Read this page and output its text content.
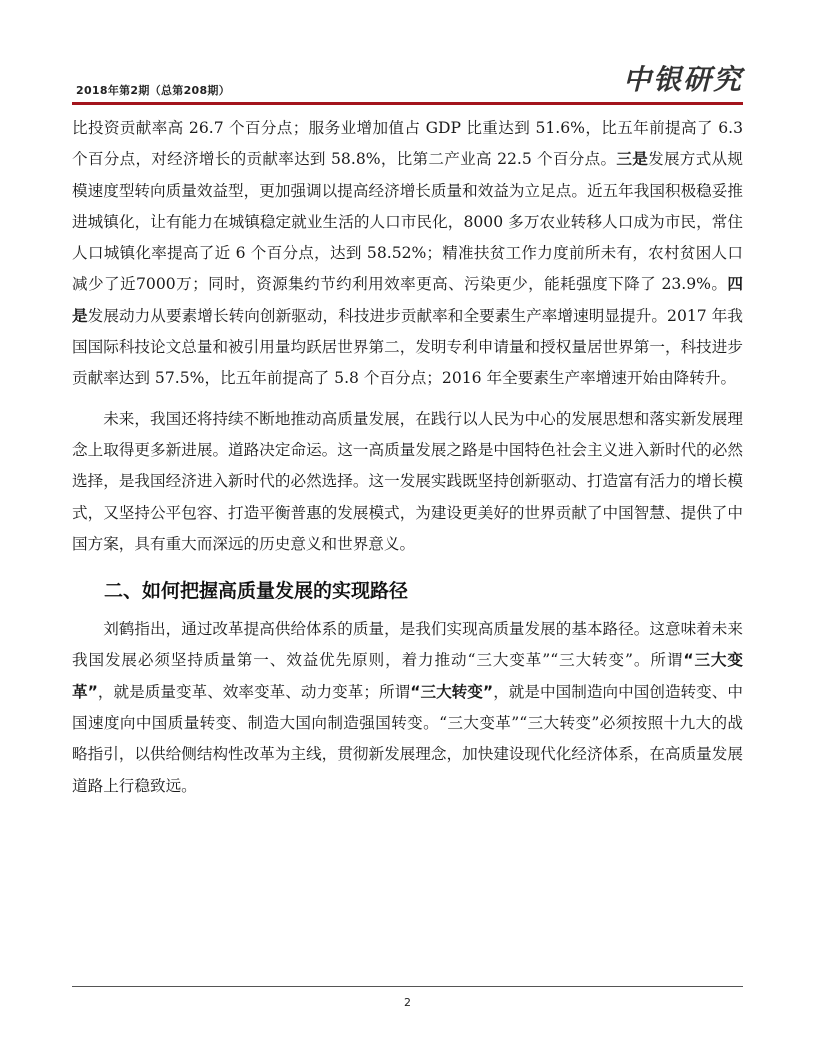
2018年第2期（总第208期）	中银研究

比投资贡献率高 26.7 个百分点；服务业增加值占 GDP 比重达到 51.6%，比五年前提高了 6.3 个百分点，对经济增长的贡献率达到 58.8%，比第二产业高 22.5 个百分点。三是发展方式从规模速度型转向质量效益型，更加强调以提高经济增长质量和效益为立足点。近五年我国积极稳妥推进城镇化，让有能力在城镇稳定就业生活的人口市民化，8000 多万农业转移人口成为市民，常住人口城镇化率提高了近 6 个百分点，达到 58.52%；精准扶贫工作力度前所未有，农村贫困人口减少了近7000万；同时，资源集约节约利用效率更高、污染更少，能耗强度下降了 23.9%。四是发展动力从要素增长转向创新驱动，科技进步贡献率和全要素生产率增速明显提升。2017 年我国国际科技论文总量和被引用量均跃居世界第二，发明专利申请量和授权量居世界第一，科技进步贡献率达到 57.5%，比五年前提高了 5.8 个百分点；2016 年全要素生产率增速开始由降转升。

未来，我国还将持续不断地推动高质量发展，在践行以人民为中心的发展思想和落实新发展理念上取得更多新进展。道路决定命运。这一高质量发展之路是中国特色社会主义进入新时代的必然选择，是我国经济进入新时代的必然选择。这一发展实践既坚持创新驱动、打造富有活力的增长模式，又坚持公平包容、打造平衡普惠的发展模式，为建设更美好的世界贡献了中国智慧、提供了中国方案，具有重大而深远的历史意义和世界意义。

二、如何把握高质量发展的实现路径

刘鹤指出，通过改革提高供给体系的质量，是我们实现高质量发展的基本路径。这意味着未来我国发展必须坚持质量第一、效益优先原则，着力推动“三大变革”“三大转变”。所谓“三大变革”，就是质量变革、效率变革、动力变革；所谓“三大转变”，就是中国制造向中国创造转变、中国速度向中国质量转变、制造大国向制造强国转变。“三大变革”“三大转变”必须按照十九大的战略指引，以供给侧结构性改革为主线，贯彻新发展理念，加快建设现代化经济体系，在高质量发展道路上行稳致远。

2
